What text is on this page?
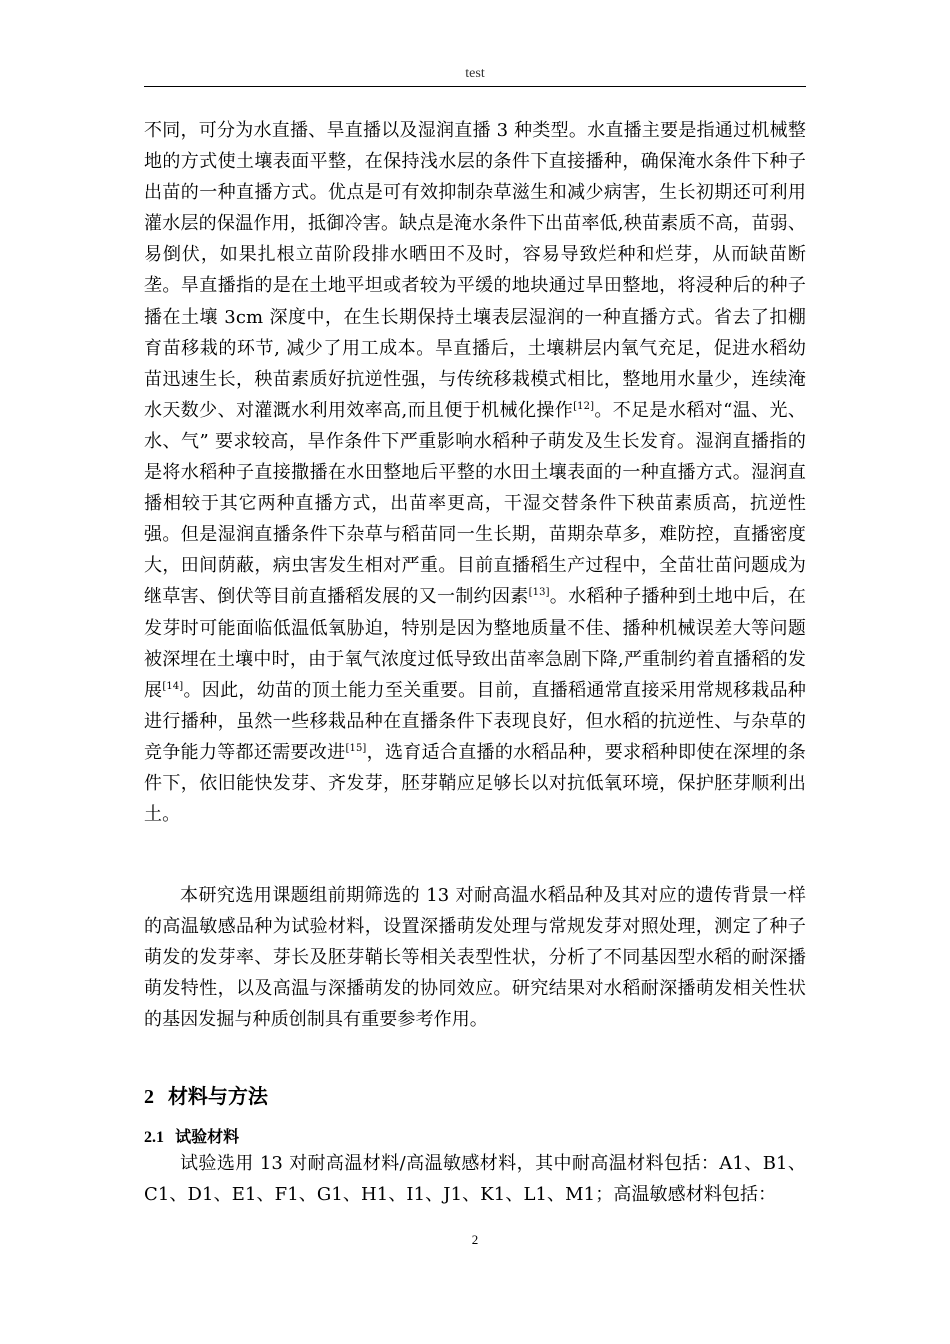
test

不同，可分为水直播、旱直播以及湿润直播 3 种类型。水直播主要是指通过机械整地的方式使土壤表面平整，在保持浅水层的条件下直接播种，确保淹水条件下种子出苗的一种直播方式。优点是可有效抑制杂草滋生和减少病害，生长初期还可利用灌水层的保温作用，抵御冷害。缺点是淹水条件下出苗率低,秧苗素质不高，苗弱、易倒伏，如果扎根立苗阶段排水晒田不及时，容易导致烂种和烂芽，从而缺苗断垄。旱直播指的是在土地平坦或者较为平缓的地块通过旱田整地，将浸种后的种子播在土壤 3cm 深度中，在生长期保持土壤表层湿润的一种直播方式。省去了扣棚育苗移栽的环节, 减少了用工成本。旱直播后，土壤耕层内氧气充足，促进水稻幼苗迅速生长，秧苗素质好抗逆性强，与传统移栽模式相比，整地用水量少，连续淹水天数少、对灌溉水利用效率高,而且便于机械化操作[12]。不足是水稻对“温、光、水、气” 要求较高，旱作条件下严重影响水稻种子萌发及生长发育。湿润直播指的是将水稻种子直接撒播在水田整地后平整的水田土壤表面的一种直播方式。湿润直播相较于其它两种直播方式，出苗率更高，干湿交替条件下秧苗素质高，抗逆性强。但是湿润直播条件下杂草与稻苗同一生长期，苗期杂草多，难防控，直播密度大，田间荫蔽，病虫害发生相对严重。目前直播稻生产过程中，全苗壮苗问题成为继草害、倒伏等目前直播稻发展的又一制约因素[13]。水稻种子播种到土地中后，在发芽时可能面临低温低氧胁迫，特别是因为整地质量不佳、播种机械误差大等问题被深埋在土壤中时，由于氧气浓度过低导致出苗率急剧下降,严重制约着直播稻的发展[14]。因此，幼苗的顶土能力至关重要。目前，直播稻通常直接采用常规移栽品种进行播种，虽然一些移栽品种在直播条件下表现良好，但水稻的抗逆性、与杂草的竞争能力等都还需要改进[15]，选育适合直播的水稻品种，要求稻种即使在深埋的条件下，依旧能快发芽、齐发芽，胚芽鞘应足够长以对抗低氧环境，保护胚芽顺利出土。

本研究选用课题组前期筛选的 13 对耐高温水稻品种及其对应的遗传背景一样的高温敏感品种为试验材料，设置深播萌发处理与常规发芽对照处理，测定了种子萌发的发芽率、芽长及胚芽鞘长等相关表型性状，分析了不同基因型水稻的耐深播萌发特性，以及高温与深播萌发的协同效应。研究结果对水稻耐深播萌发相关性状的基因发掘与种质创制具有重要参考作用。

2 材料与方法
2.1 试验材料

试验选用 13 对耐高温材料/高温敏感材料，其中耐高温材料包括：A1、B1、C1、D1、E1、F1、G1、H1、I1、J1、K1、L1、M1；高温敏感材料包括：

2
